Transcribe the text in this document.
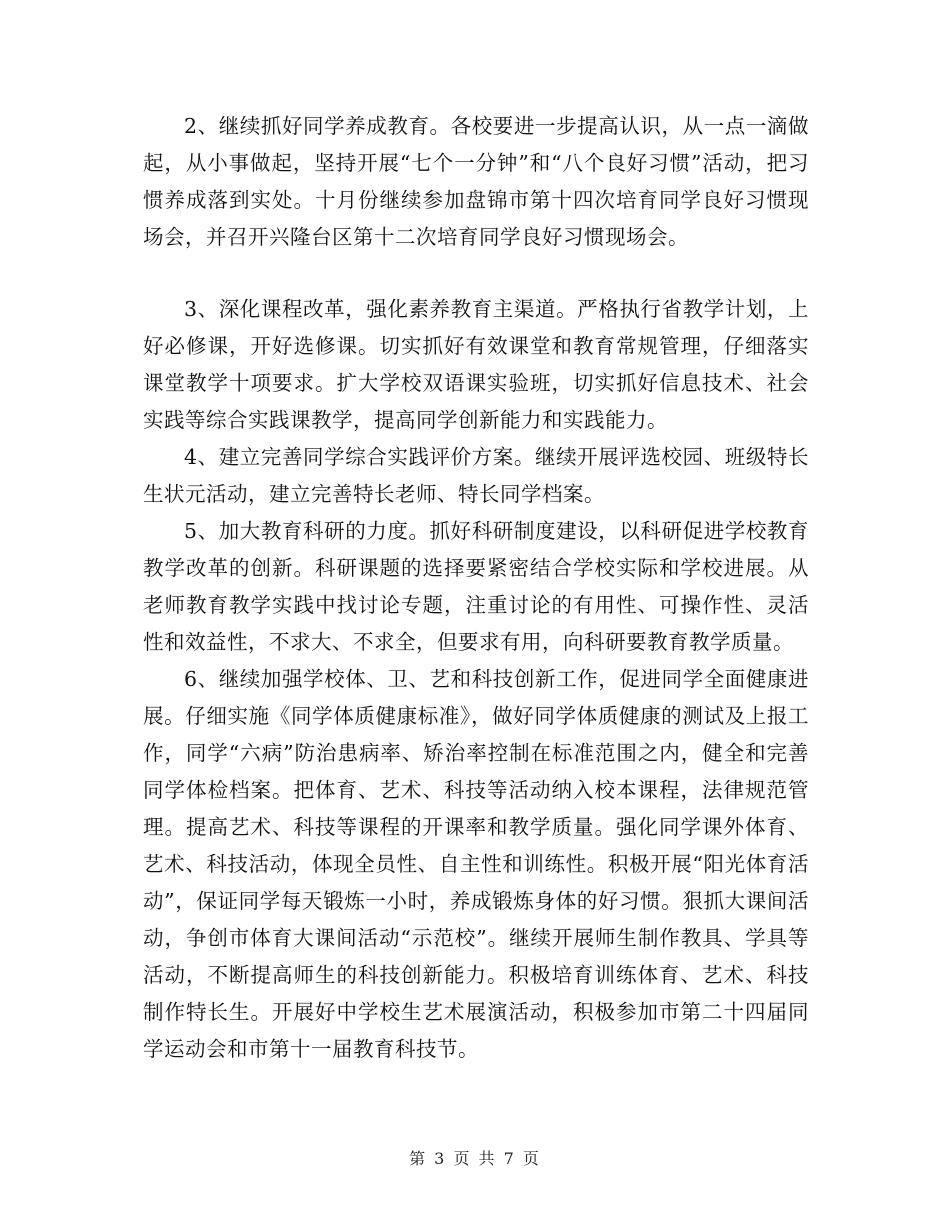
2、继续抓好同学养成教育。各校要进一步提高认识，从一点一滴做起，从小事做起，坚持开展“七个一分钟”和“八个良好习惯”活动，把习惯养成落到实处。十月份继续参加盘锦市第十四次培育同学良好习惯现场会，并召开兴隆台区第十二次培育同学良好习惯现场会。

3、深化课程改革，强化素养教育主渠道。严格执行省教学计划，上好必修课，开好选修课。切实抓好有效课堂和教育常规管理，仔细落实课堂教学十项要求。扩大学校双语课实验班，切实抓好信息技术、社会实践等综合实践课教学，提高同学创新能力和实践能力。

4、建立完善同学综合实践评价方案。继续开展评选校园、班级特长生状元活动，建立完善特长老师、特长同学档案。

5、加大教育科研的力度。抓好科研制度建设，以科研促进学校教育教学改革的创新。科研课题的选择要紧密结合学校实际和学校进展。从老师教育教学实践中找讨论专题，注重讨论的有用性、可操作性、灵活性和效益性，不求大、不求全，但要求有用，向科研要教育教学质量。

6、继续加强学校体、卫、艺和科技创新工作，促进同学全面健康进展。仔细实施《同学体质健康标准》，做好同学体质健康的测试及上报工作，同学“六病”防治患病率、矫治率控制在标准范围之内，健全和完善同学体检档案。把体育、艺术、科技等活动纳入校本课程，法律规范管理。提高艺术、科技等课程的开课率和教学质量。强化同学课外体育、艺术、科技活动，体现全员性、自主性和训练性。积极开展“阳光体育活动”，保证同学每天锻炼一小时，养成锻炼身体的好习惯。狠抓大课间活动，争创市体育大课间活动“示范校”。继续开展师生制作教具、学具等活动，不断提高师生的科技创新能力。积极培育训练体育、艺术、科技制作特长生。开展好中学校生艺术展演活动，积极参加市第二十四届同学运动会和市第十一届教育科技节。

第 3 页 共 7 页
